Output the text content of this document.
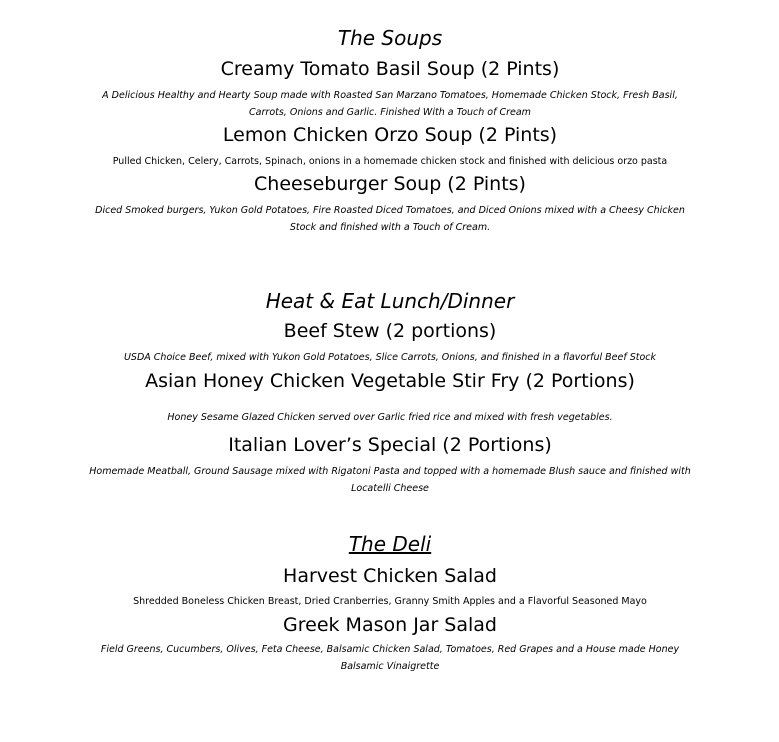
The Soups
Creamy Tomato Basil Soup (2 Pints)
A Delicious Healthy and Hearty Soup made with Roasted San Marzano Tomatoes, Homemade Chicken Stock, Fresh Basil,
Carrots, Onions and Garlic. Finished With a Touch of Cream
Lemon Chicken Orzo Soup (2 Pints)
Pulled Chicken, Celery, Carrots, Spinach, onions in a homemade chicken stock and finished with delicious orzo pasta
Cheeseburger Soup (2 Pints)
Diced Smoked burgers, Yukon Gold Potatoes, Fire Roasted Diced Tomatoes, and Diced Onions mixed with a Cheesy Chicken
Stock and finished with a Touch of Cream.
Heat & Eat Lunch/Dinner
Beef Stew (2 portions)
USDA Choice Beef, mixed with Yukon Gold Potatoes, Slice Carrots, Onions, and finished in a flavorful Beef Stock
Asian Honey Chicken Vegetable Stir Fry (2 Portions)
Honey Sesame Glazed Chicken served over Garlic fried rice and mixed with fresh vegetables.
Italian Lover’s Special (2 Portions)
Homemade Meatball, Ground Sausage mixed with Rigatoni Pasta and topped with a homemade Blush sauce and finished with
Locatelli Cheese
The Deli
Harvest Chicken Salad
Shredded Boneless Chicken Breast, Dried Cranberries, Granny Smith Apples and a Flavorful Seasoned Mayo
Greek Mason Jar Salad
Field Greens, Cucumbers, Olives, Feta Cheese, Balsamic Chicken Salad, Tomatoes, Red Grapes and a House made Honey
Balsamic Vinaigrette
